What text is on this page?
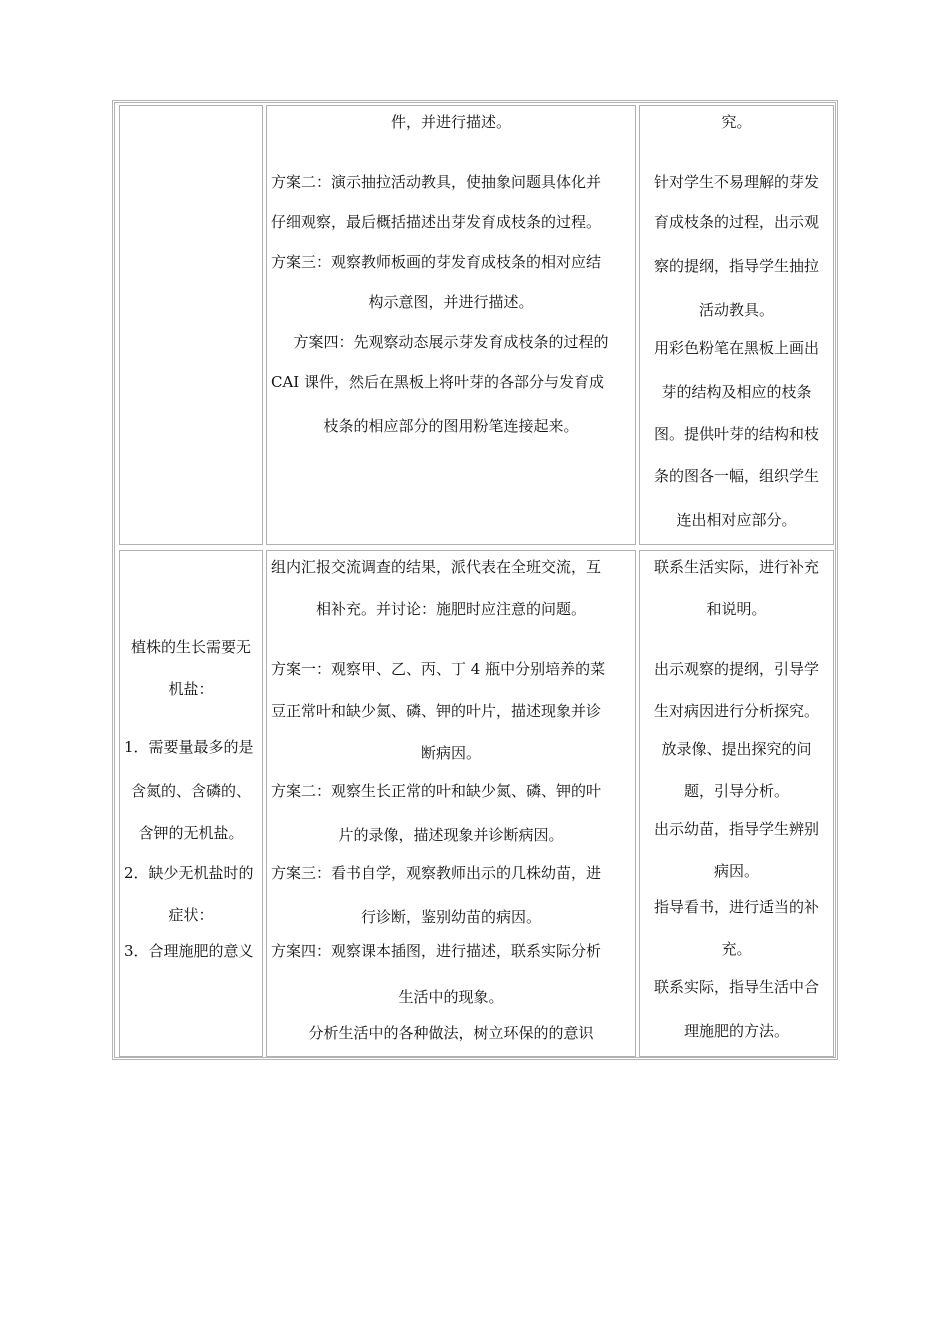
件，并进行描述。
方案二：演示抽拉活动教具，使抽象问题具体化并
仔细观察，最后概括描述出芽发育成枝条的过程。
方案三：观察教师板画的芽发育成枝条的相对应结
构示意图，并进行描述。
方案四：先观察动态展示芽发育成枝条的过程的
CAI 课件，然后在黑板上将叶芽的各部分与发育成
枝条的相应部分的图用粉笔连接起来。
究。
针对学生不易理解的芽发
育成枝条的过程，出示观
察的提纲，指导学生抽拉
活动教具。
用彩色粉笔在黑板上画出
芽的结构及相应的枝条
图。提供叶芽的结构和枝
条的图各一幅，组织学生
连出相对应部分。
植株的生长需要无
机盐：
1．需要量最多的是
含氮的、含磷的、
含钾的无机盐。
2．缺少无机盐时的
症状：
3．合理施肥的意义
组内汇报交流调查的结果，派代表在全班交流，互
相补充。并讨论：施肥时应注意的问题。
方案一：观察甲、乙、丙、丁 4 瓶中分别培养的菜
豆正常叶和缺少氮、磷、钾的叶片，描述现象并诊
断病因。
方案二：观察生长正常的叶和缺少氮、磷、钾的叶
片的录像，描述现象并诊断病因。
方案三：看书自学，观察教师出示的几株幼苗，进
行诊断，鉴别幼苗的病因。
方案四：观察课本插图，进行描述，联系实际分析
生活中的现象。
分析生活中的各种做法，树立环保的的意识
联系生活实际，进行补充
和说明。
出示观察的提纲，引导学
生对病因进行分析探究。
放录像、提出探究的问
题，引导分析。
出示幼苗，指导学生辨别
病因。
指导看书，进行适当的补
充。
联系实际，指导生活中合
理施肥的方法。
